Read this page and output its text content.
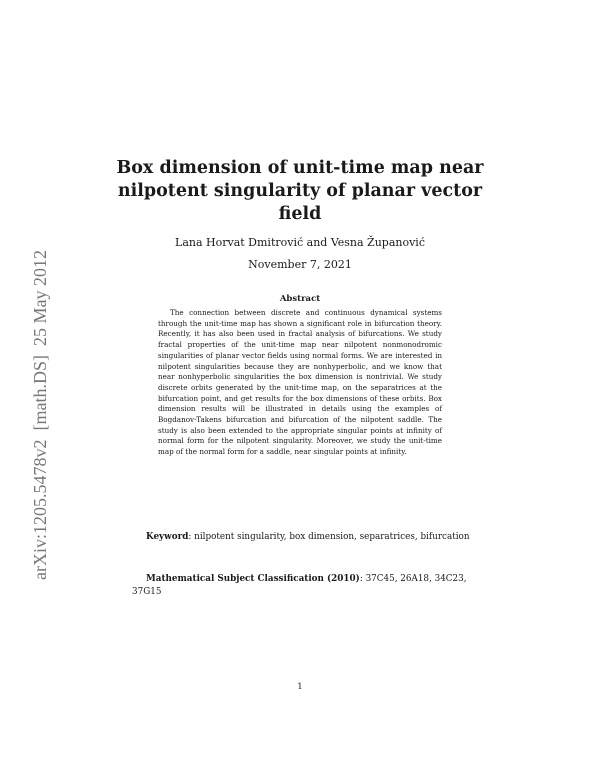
arXiv:1205.5478v2  [math.DS]  25 May 2012
Box dimension of unit-time map near
nilpotent singularity of planar vector
field
Lana Horvat Dmitrović and Vesna Županović
November 7, 2021
Abstract
The connection between discrete and continuous dynamical systems through the unit-time map has shown a significant role in bifurcation theory. Recently, it has also been used in fractal analysis of bifurcations. We study fractal properties of the unit-time map near nilpotent nonmonodromic singularities of planar vector fields using normal forms. We are interested in nilpotent singularities because they are nonhyperbolic, and we know that near nonhyperbolic singularities the box dimension is nontrivial. We study discrete orbits generated by the unit-time map, on the separatrices at the bifurcation point, and get results for the box dimensions of these orbits. Box dimension results will be illustrated in details using the examples of Bogdanov-Takens bifurcation and bifurcation of the nilpotent saddle. The study is also been extended to the appropriate singular points at infinity of normal form for the nilpotent singularity. Moreover, we study the unit-time map of the normal form for a saddle, near singular points at infinity.
Keyword: nilpotent singularity, box dimension, separatrices, bifurcation
Mathematical Subject Classification (2010): 37C45, 26A18, 34C23, 37G15
1
